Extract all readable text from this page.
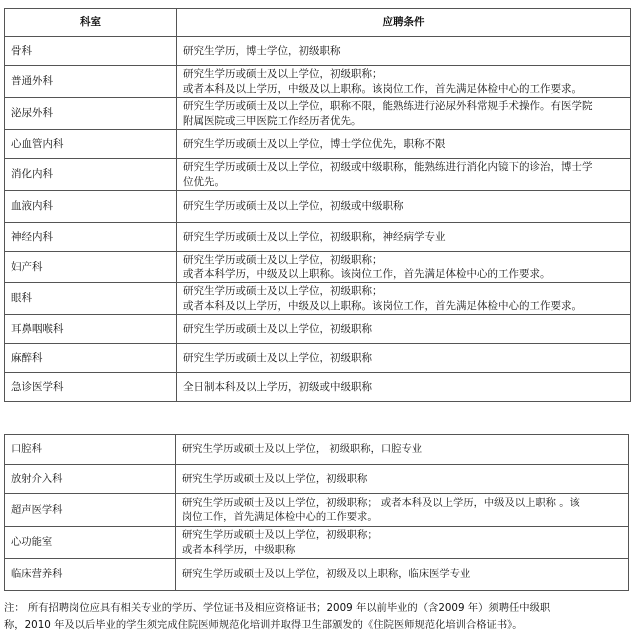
科室	应聘条件
骨科	研究生学历，博士学位，初级职称

普通外科	研究生学历或硕士及以上学位，初级职称；
或者本科及以上学历，中级及以上职称。该岗位工作，首先满足体检中心的工作要求。

泌尿外科	研究生学历或硕士及以上学位，职称不限，能熟练进行泌尿外科常规手术操作。有医学院
附属医院或三甲医院工作经历者优先。

心血管内科	研究生学历或硕士及以上学位，博士学位优先，职称不限

消化内科	研究生学历或硕士及以上学位，初级或中级职称，能熟练进行消化内镜下的诊治，博士学
位优先。

血液内科	研究生学历或硕士及以上学位，初级或中级职称

神经内科	研究生学历或硕士及以上学位，初级职称，神经病学专业

妇产科	研究生学历或硕士及以上学位，初级职称；
或者本科学历，中级及以上职称。该岗位工作，首先满足体检中心的工作要求。

眼科	研究生学历或硕士及以上学位，初级职称；
或者本科及以上学历，中级及以上职称。该岗位工作，首先满足体检中心的工作要求。

耳鼻咽喉科	研究生学历或硕士及以上学位，初级职称

麻醉科	研究生学历或硕士及以上学位，初级职称

急诊医学科	全日制本科及以上学历，初级或中级职称
口腔科	研究生学历或硕士及以上学位， 初级职称，口腔专业

放射介入科	研究生学历或硕士及以上学位，初级职称

超声医学科	研究生学历或硕士及以上学位，初级职称； 或者本科及以上学历，中级及以上职称 。该
岗位工作，首先满足体检中心的工作要求。

心功能室	研究生学历或硕士及以上学位，初级职称；
或者本科学历，中级职称

临床营养科	研究生学历或硕士及以上学位，初级及以上职称，临床医学专业
注： 所有招聘岗位应具有相关专业的学历、学位证书及相应资格证书；2009 年以前毕业的（含2009 年）须聘任中级职
称，2010 年及以后毕业的学生须完成住院医师规范化培训并取得卫生部颁发的《住院医师规范化培训合格证书》。
